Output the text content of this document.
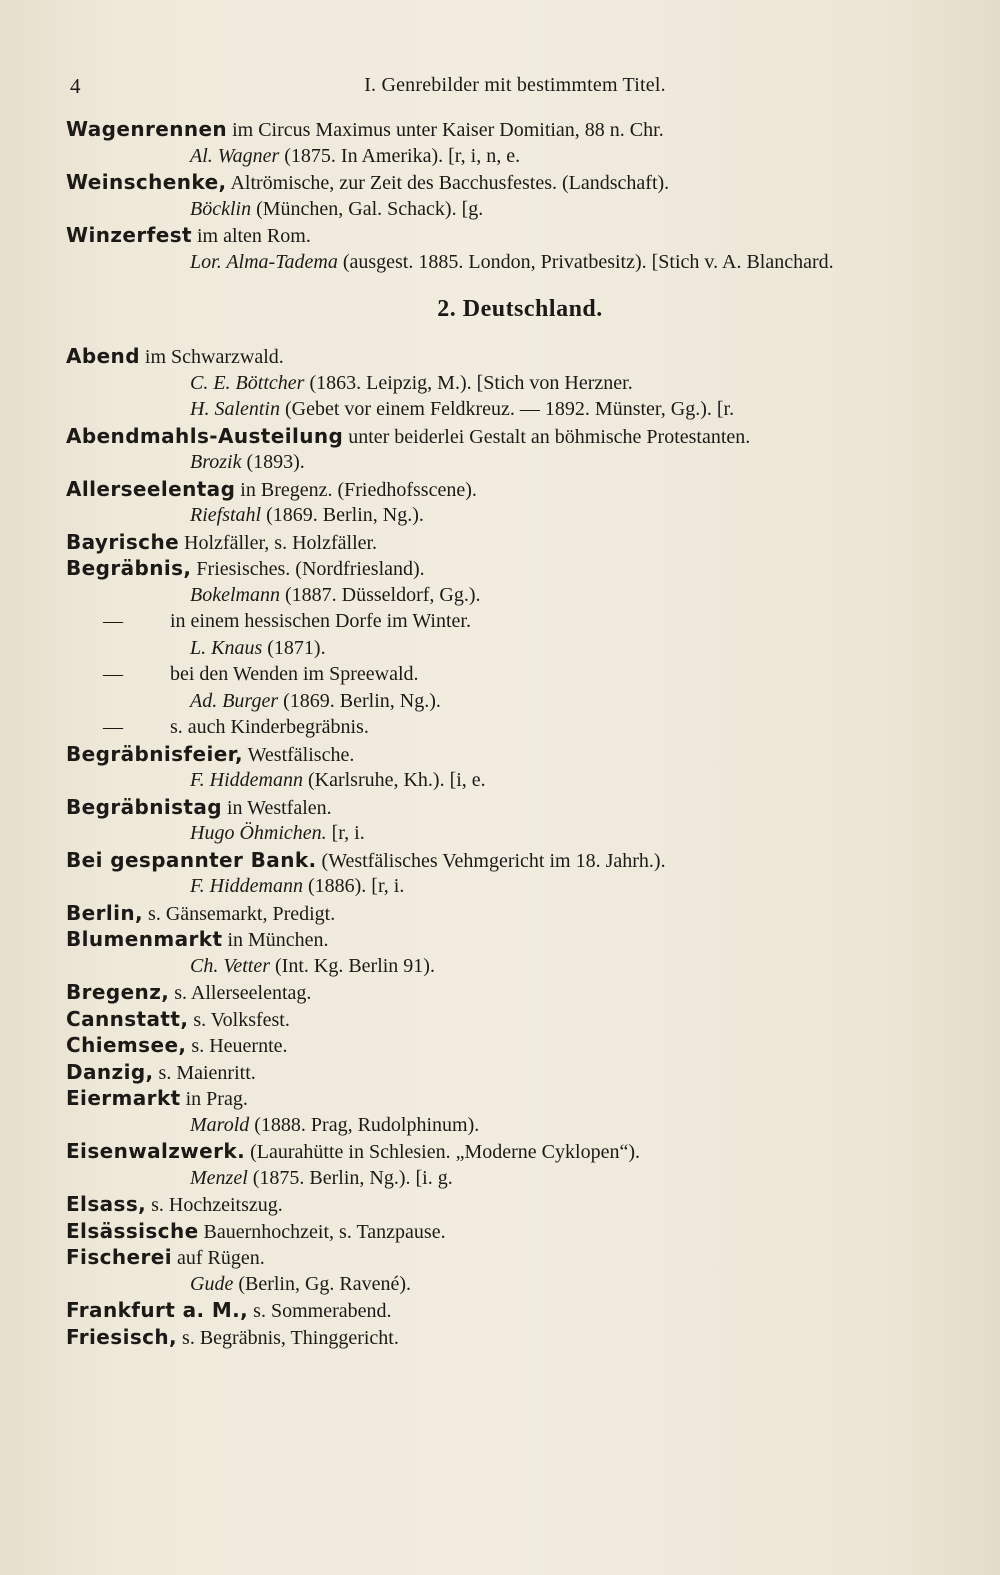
4	I. Genrebilder mit bestimmtem Titel.
Wagenrennen im Circus Maximus unter Kaiser Domitian, 88 n. Chr.
Al. Wagner (1875. In Amerika). [r, i, n, e.
Weinschenke, Altrömische, zur Zeit des Bacchusfestes. (Landschaft).
Böcklin (München, Gal. Schack). [g.
Winzerfest im alten Rom.
Lor. Alma-Tadema (ausgest. 1885. London, Privatbesitz). [Stich v. A. Blanchard.
2. Deutschland.
Abend im Schwarzwald.
C. E. Böttcher (1863. Leipzig, M.). [Stich von Herzner.
H. Salentin (Gebet vor einem Feldkreuz. — 1892. Münster, Gg.). [r.
Abendmahls-Austeilung unter beiderlei Gestalt an böhmische Protestanten.
Brozik (1893).
Allerseelentag in Bregenz. (Friedhofsscene).
Riefstahl (1869. Berlin, Ng.).
Bayrische Holzfäller, s. Holzfäller.
Begräbnis, Friesisches. (Nordfriesland).
Bokelmann (1887. Düsseldorf, Gg.).
— in einem hessischen Dorfe im Winter.
L. Knaus (1871).
— bei den Wenden im Spreewald.
Ad. Burger (1869. Berlin, Ng.).
— s. auch Kinderbegräbnis.
Begräbnisfeier, Westfälische.
F. Hiddemann (Karlsruhe, Kh.). [i, e.
Begräbnistag in Westfalen.
Hugo Öhmichen. [r, i.
Bei gespannter Bank. (Westfälisches Vehmgericht im 18. Jahrh.).
F. Hiddemann (1886). [r, i.
Berlin, s. Gänsemarkt, Predigt.
Blumenmarkt in München.
Ch. Vetter (Int. Kg. Berlin 91).
Bregenz, s. Allerseelentag.
Cannstatt, s. Volksfest.
Chiemsee, s. Heuernte.
Danzig, s. Maienritt.
Eiermarkt in Prag.
Marold (1888. Prag, Rudolphinum).
Eisenwalzwerk. (Laurahütte in Schlesien. „Moderne Cyklopen“).
Menzel (1875. Berlin, Ng.). [i. g.
Elsass, s. Hochzeitszug.
Elsässische Bauernhochzeit, s. Tanzpause.
Fischerei auf Rügen.
Gude (Berlin, Gg. Ravené).
Frankfurt a. M., s. Sommerabend.
Friesisch, s. Begräbnis, Thinggericht.
